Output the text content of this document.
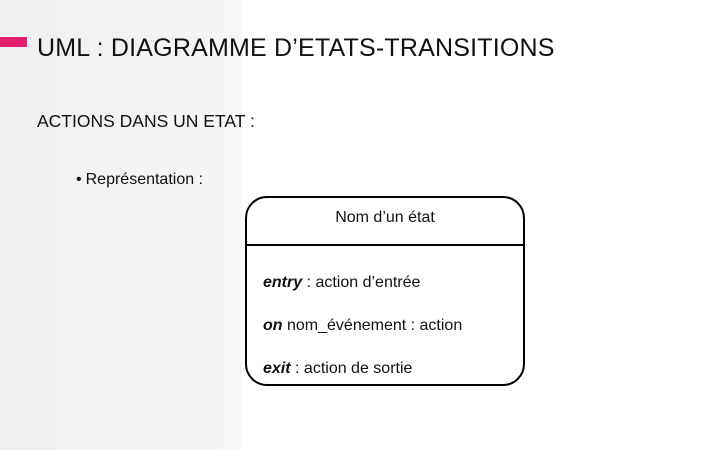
UML : DIAGRAMME D’ETATS-TRANSITIONS
ACTIONS DANS UN ETAT :
• Représentation :
Nom d’un état
entry : action d’entrée
on nom_événement : action
exit : action de sortie
